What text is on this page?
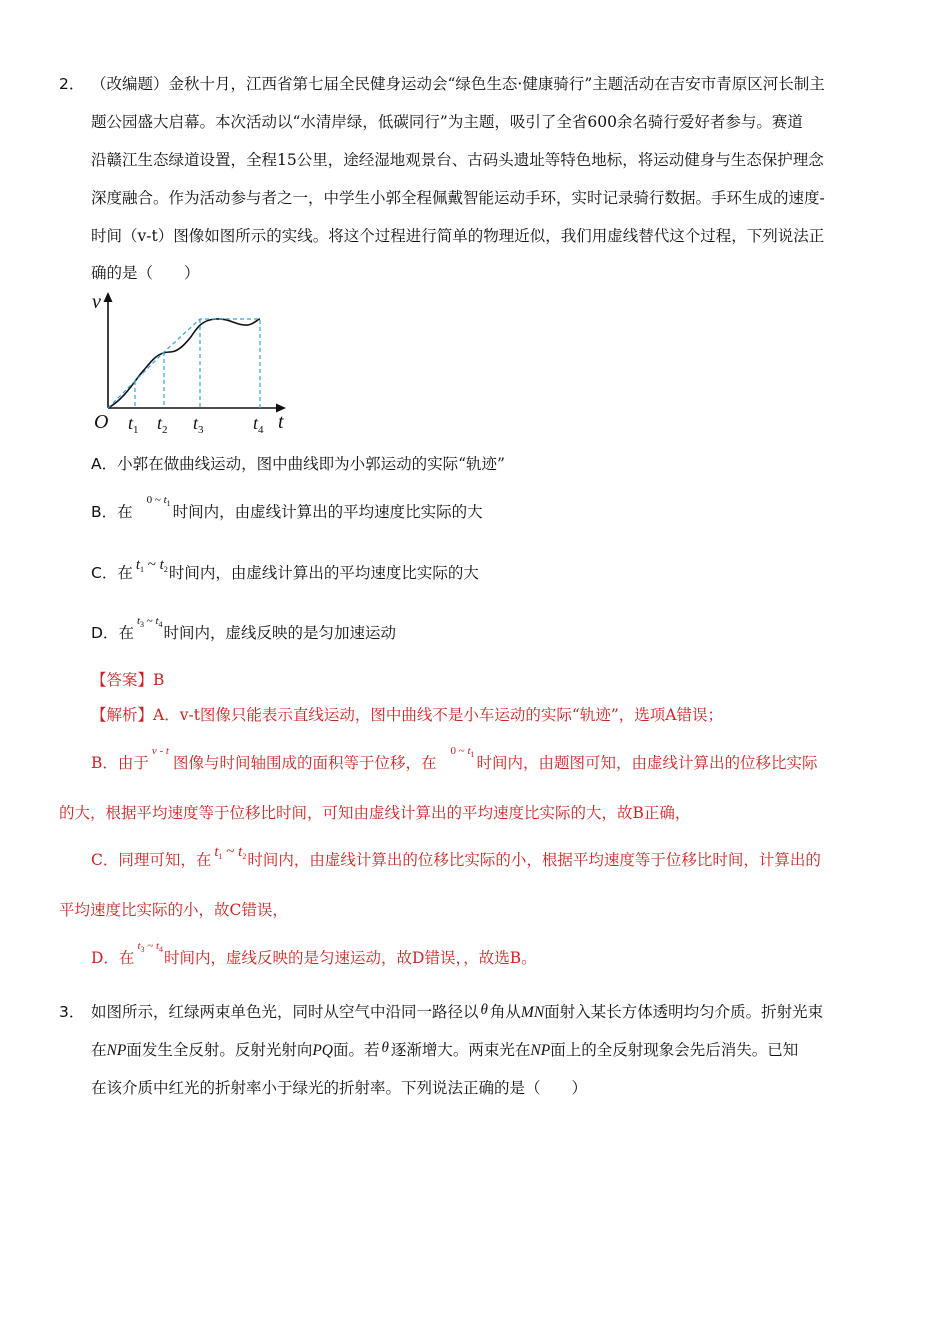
2． （改编题）金秋十月，江西省第七届全民健身运动会“绿色生态·健康骑行”主题活动在吉安市青原区河长制主
题公园盛大启幕。本次活动以“水清岸绿，低碳同行”为主题，吸引了全省600余名骑行爱好者参与。赛道
沿赣江生态绿道设置，全程15公里，途经湿地观景台、古码头遗址等特色地标，将运动健身与生态保护理念
深度融合。作为活动参与者之一，中学生小郭全程佩戴智能运动手环，实时记录骑行数据。手环生成的速度-
时间（v-t）图像如图所示的实线。将这个过程进行简单的物理近似，我们用虚线替代这个过程，下列说法正
确的是（　　）
v
t
O $t_1$ $t_2$ $t_3$	$t_4$
A．小郭在做曲线运动，图中曲线即为小郭运动的实际“轨迹”
B．在$^{0 \sim t_1}$ 时间内，由虚线计算出的平均速度比实际的大
C．在 $t_1$ ~ $t_2$时间内，由虚线计算出的平均速度比实际的大
D．在$^{t_3 \sim t_4}$时间内，虚线反映的是匀加速运动
【答案】B
【解析】A．v-t图像只能表示直线运动，图中曲线不是小车运动的实际“轨迹”，选项A错误；
B．由于$^{v - t}$图像与时间轴围成的面积等于位移，在$^{0 \sim t_1}$ 时间内，由题图可知，由虚线计算出的位移比实际
的大，根据平均速度等于位移比时间，可知由虚线计算出的平均速度比实际的大，故B正确，
C．同理可知，在 $t_1$ ~ $t_2$时间内，由虚线计算出的位移比实际的小，根据平均速度等于位移比时间，计算出的
平均速度比实际的小，故C错误，
D．在$^{t_3 \sim t_4}$时间内，虚线反映的是匀速运动，故D错误，，故选B。
3． 如图所示，红绿两束单色光，同时从空气中沿同一路径以 θ 角从MN面射入某长方体透明均匀介质。折射光束
在NP面发生全反射。反射光射向PQ面。若 θ 逐渐增大。两束光在NP面上的全反射现象会先后消失。已知
在该介质中红光的折射率小于绿光的折射率。下列说法正确的是（　　）
